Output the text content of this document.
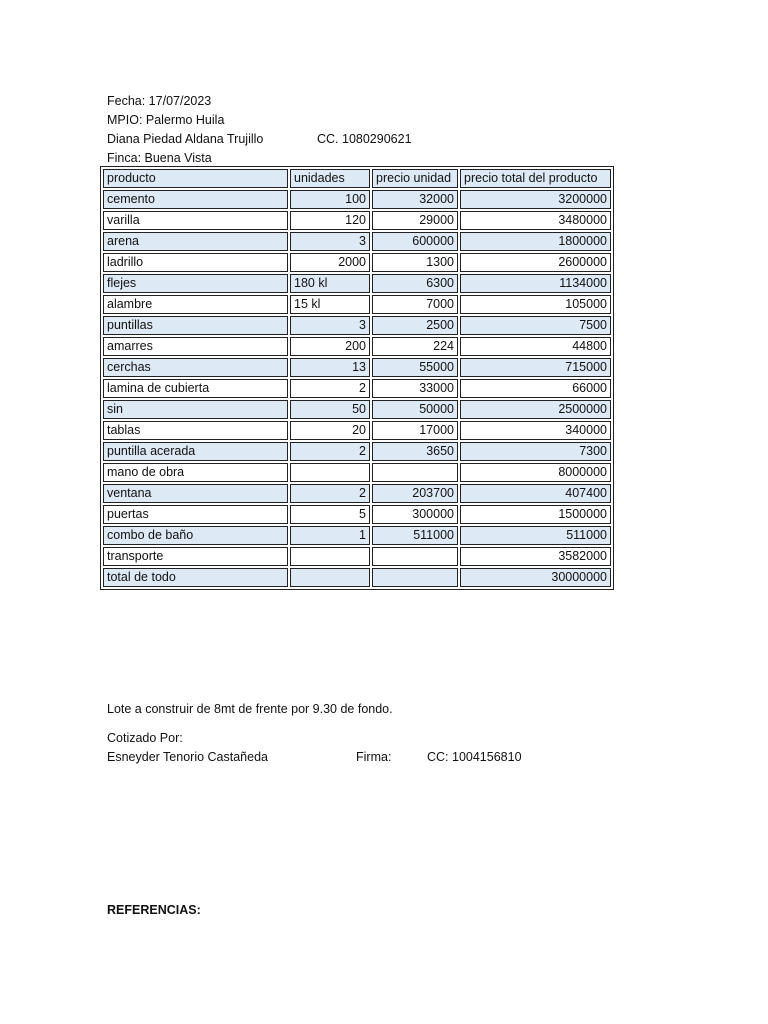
Fecha: 17/07/2023
MPIO: Palermo Huila
Diana Piedad Aldana Trujillo	CC. 1080290621
Finca: Buena Vista
producto	unidades	precio unidad	precio total del producto
cemento	100	32000	3200000
varilla	120	29000	3480000
arena	3	600000	1800000
ladrillo	2000	1300	2600000
flejes	180 kl	6300	1134000
alambre	15 kl	7000	105000
puntillas	3	2500	7500
amarres	200	224	44800
cerchas	13	55000	715000
lamina de cubierta	2	33000	66000
sin	50	50000	2500000
tablas	20	17000	340000
puntilla acerada	2	3650	7300
mano de obra			8000000
ventana	2	203700	407400
puertas	5	300000	1500000
combo de baño	1	511000	511000
transporte			3582000
total de todo			30000000
Lote a construir de 8mt de frente por 9.30 de fondo.
Cotizado Por:
Esneyder Tenorio Castañeda	Firma:	CC: 1004156810
REFERENCIAS:
